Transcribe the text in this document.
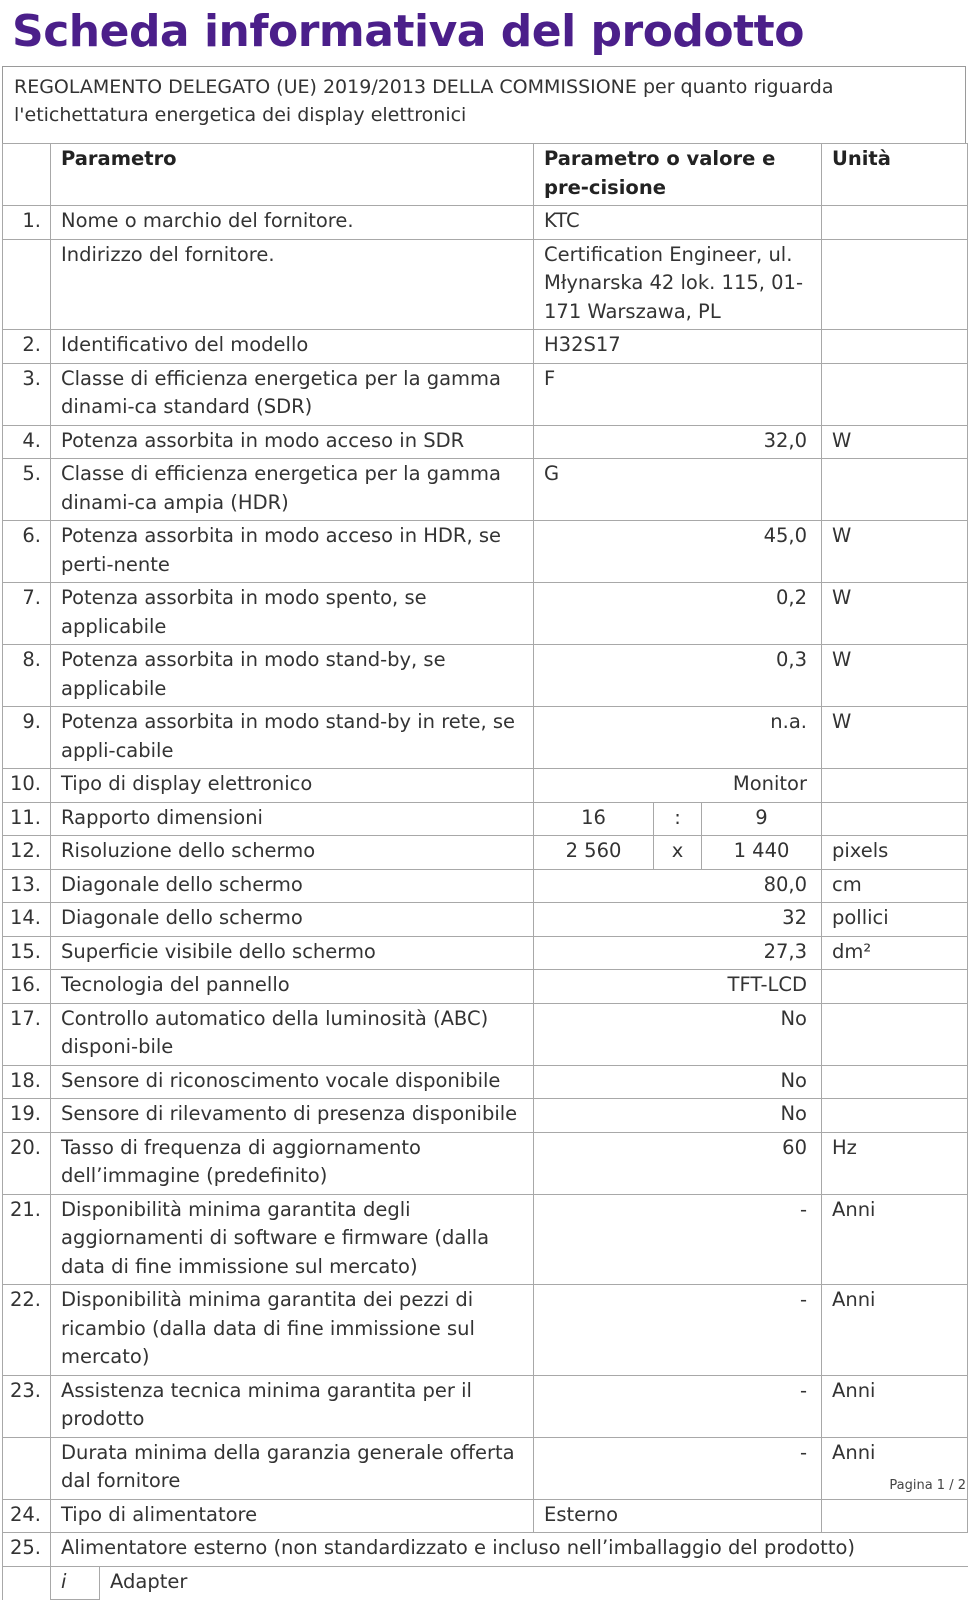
Scheda informativa del prodotto
REGOLAMENTO DELEGATO (UE) 2019/2013 DELLA COMMISSIONE per quanto riguarda l'etichettatura energetica dei display elettronici
	Parametro		Parametro o valore e pre-cisione			Unità
1.	Nome o marchio del fornitore.		KTC			
	Indirizzo del fornitore.		Certification Engineer, ul. Młynarska 42 lok. 115, 01-171 Warszawa, PL			
2.	Identificativo del modello		H32S17			
3.	Classe di efficienza energetica per la gamma dinami-ca standard (SDR)		F			
4.	Potenza assorbita in modo acceso in SDR		32,0			W
5.	Classe di efficienza energetica per la gamma dinami-ca ampia (HDR)		G			
6.	Potenza assorbita in modo acceso in HDR, se perti-nente		45,0			W
7.	Potenza assorbita in modo spento, se applicabile		0,2			W
8.	Potenza assorbita in modo stand-by, se applicabile		0,3			W
9.	Potenza assorbita in modo stand-by in rete, se appli-cabile		n.a.			W
10.	Tipo di display elettronico		Monitor			
11.	Rapporto dimensioni		16	:	9	
12.	Risoluzione dello schermo		2 560	x	1 440	pixels
13.	Diagonale dello schermo		80,0			cm
14.	Diagonale dello schermo		32			pollici
15.	Superficie visibile dello schermo		27,3			dm²
16.	Tecnologia del pannello		TFT-LCD			
17.	Controllo automatico della luminosità (ABC) disponi-bile		No			
18.	Sensore di riconoscimento vocale disponibile		No			
19.	Sensore di rilevamento di presenza disponibile		No			
20.	Tasso di frequenza di aggiornamento dell’immagine (predefinito)		60			Hz
21.	Disponibilità minima garantita degli aggiornamenti di software e firmware (dalla data di fine immissione sul mercato)		-			Anni
22.	Disponibilità minima garantita dei pezzi di ricambio (dalla data di fine immissione sul mercato)		-			Anni
23.	Assistenza tecnica minima garantita per il prodotto		-			Anni
	Durata minima della garanzia generale offerta dal fornitore		-			Anni
24.	Tipo di alimentatore		Esterno			
25.	Alimentatore esterno (non standardizzato e incluso nell’imballaggio del prodotto)					
	i	Adapter				
Pagina 1 / 2
